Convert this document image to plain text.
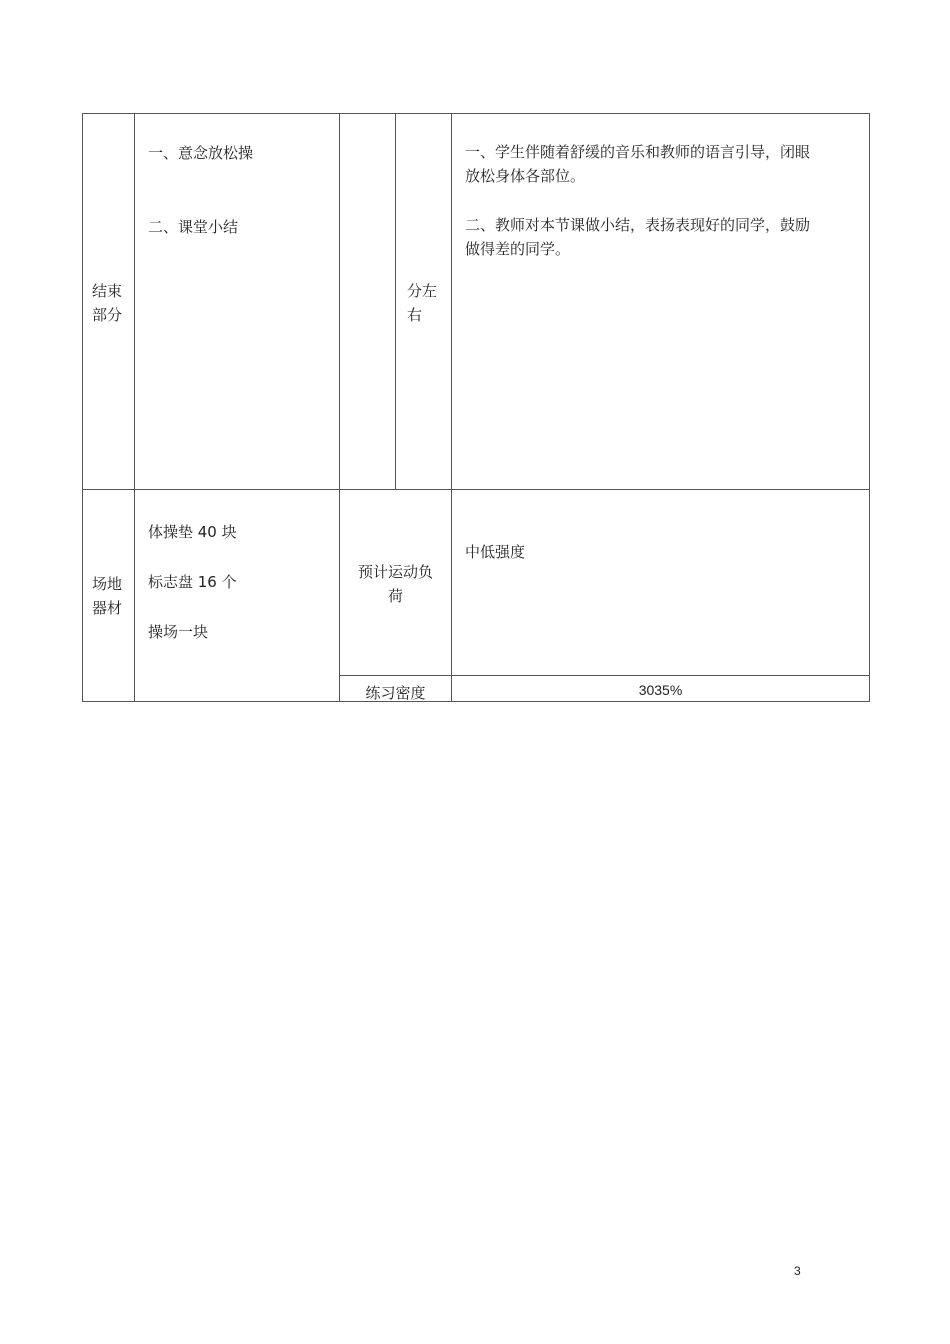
结束
部分
一、意念放松操
二、课堂小结
分左
右
一、学生伴随着舒缓的音乐和教师的语言引导，闭眼
放松身体各部位。
二、教师对本节课做小结，表扬表现好的同学，鼓励
做得差的同学。
场地
器材
体操垫 40 块
标志盘 16 个
操场一块
预计运动负
荷
中低强度
练习密度	3035%
3
